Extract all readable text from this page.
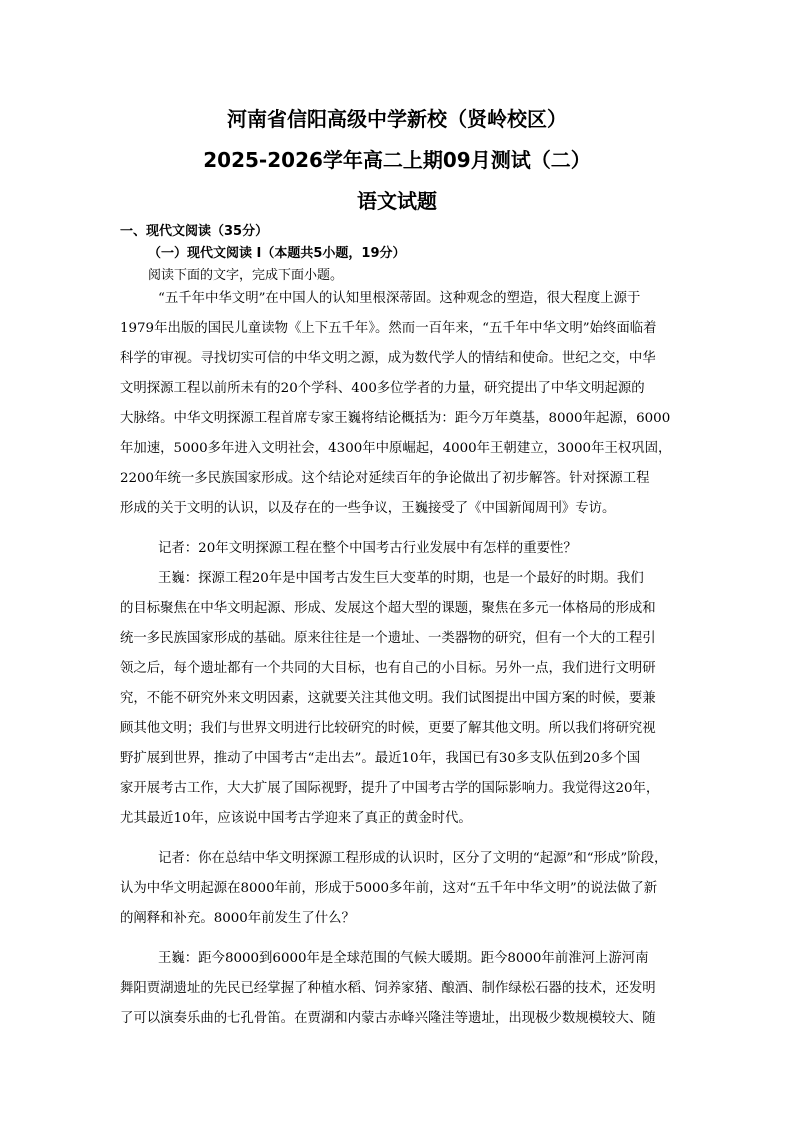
河南省信阳高级中学新校（贤岭校区）
2025-2026学年高二上期09月测试（二）
语文试题
一、现代文阅读（35分）
（一）现代文阅读 I（本题共5小题，19分）
阅读下面的文字，完成下面小题。
“五千年中华文明”在中国人的认知里根深蒂固。这种观念的塑造，很大程度上源于
1979年出版的国民儿童读物《上下五千年》。然而一百年来，“五千年中华文明”始终面临着
科学的审视。寻找切实可信的中华文明之源，成为数代学人的情结和使命。世纪之交，中华
文明探源工程以前所未有的20个学科、400多位学者的力量，研究提出了中华文明起源的
大脉络。中华文明探源工程首席专家王巍将结论概括为：距今万年奠基，8000年起源，6000
年加速，5000多年进入文明社会，4300年中原崛起，4000年王朝建立，3000年王权巩固，
2200年统一多民族国家形成。这个结论对延续百年的争论做出了初步解答。针对探源工程
形成的关于文明的认识，以及存在的一些争议，王巍接受了《中国新闻周刊》专访。
记者：20年文明探源工程在整个中国考古行业发展中有怎样的重要性？
王巍：探源工程20年是中国考古发生巨大变革的时期，也是一个最好的时期。我们
的目标聚焦在中华文明起源、形成、发展这个超大型的课题，聚焦在多元一体格局的形成和
统一多民族国家形成的基础。原来往往是一个遗址、一类器物的研究，但有一个大的工程引
领之后，每个遗址都有一个共同的大目标，也有自己的小目标。另外一点，我们进行文明研
究，不能不研究外来文明因素，这就要关注其他文明。我们试图提出中国方案的时候，要兼
顾其他文明；我们与世界文明进行比较研究的时候，更要了解其他文明。所以我们将研究视
野扩展到世界，推动了中国考古“走出去”。最近10年，我国已有30多支队伍到20多个国
家开展考古工作，大大扩展了国际视野，提升了中国考古学的国际影响力。我觉得这20年，
尤其最近10年，应该说中国考古学迎来了真正的黄金时代。
记者：你在总结中华文明探源工程形成的认识时，区分了文明的“起源”和“形成”阶段，
认为中华文明起源在8000年前，形成于5000多年前，这对“五千年中华文明”的说法做了新
的阐释和补充。8000年前发生了什么？
王巍：距今8000到6000年是全球范围的气候大暖期。距今8000年前淮河上游河南
舞阳贾湖遗址的先民已经掌握了种植水稻、饲养家猪、酿酒、制作绿松石器的技术，还发明
了可以演奏乐曲的七孔骨笛。在贾湖和内蒙古赤峰兴隆洼等遗址，出现极少数规模较大、随
